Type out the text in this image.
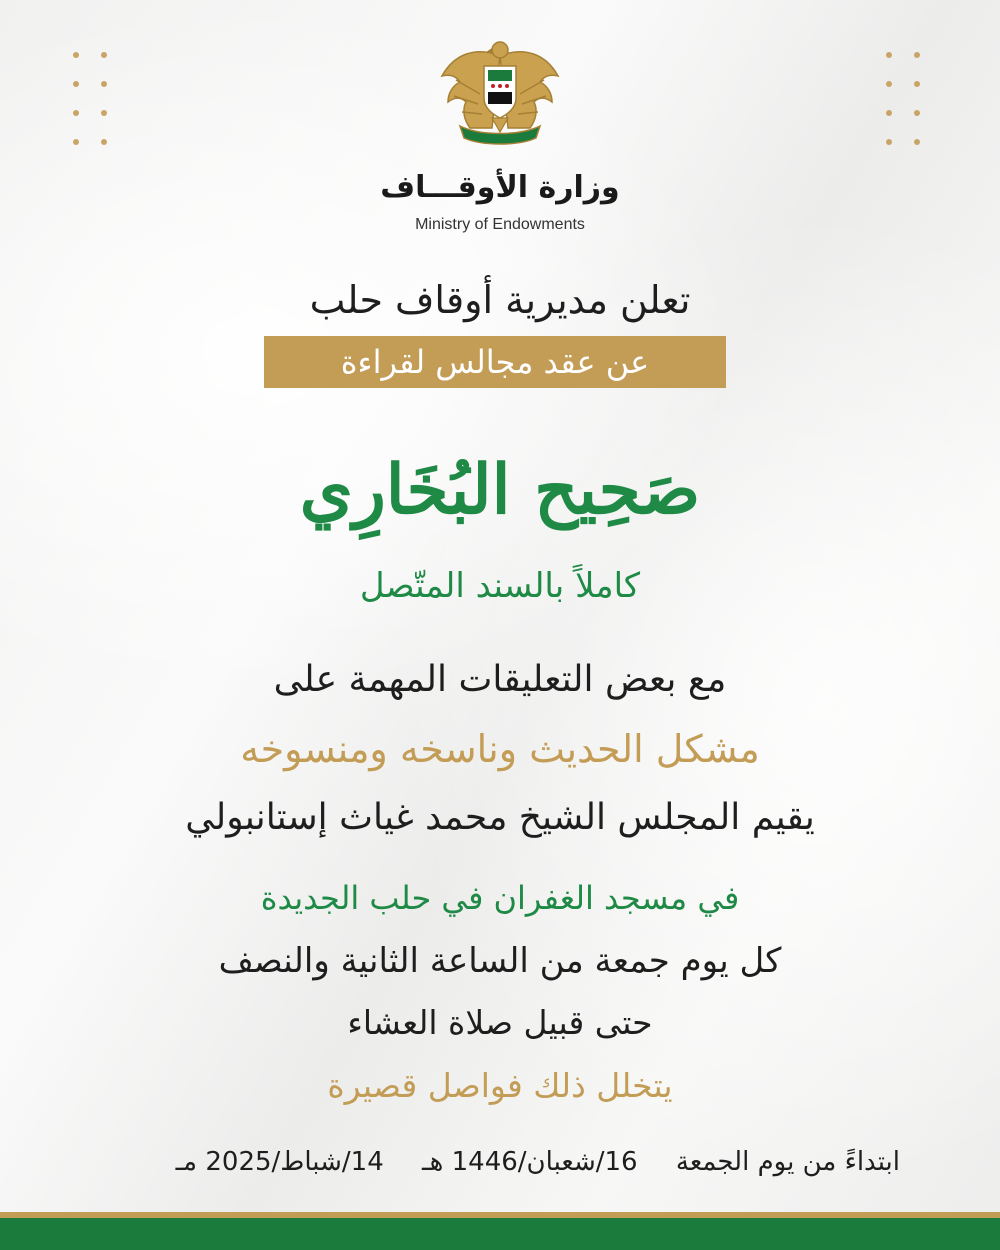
وزارة الأوقـــاف
Ministry of Endowments
تعلن مديرية أوقاف حلب
عن عقد مجالس لقراءة
صَحِيح البُخَارِي
كاملاً بالسند المتّصل
مع بعض التعليقات المهمة على
مشكل الحديث وناسخه ومنسوخه
يقيم المجلس الشيخ محمد غياث إستانبولي
في مسجد الغفران في حلب الجديدة
كل يوم جمعة من الساعة الثانية والنصف
حتى قبيل صلاة العشاء
يتخلل ذلك فواصل قصيرة
ابتداءً من يوم الجمعة 16/شعبان/1446 هـ 14/شباط/2025 مـ
